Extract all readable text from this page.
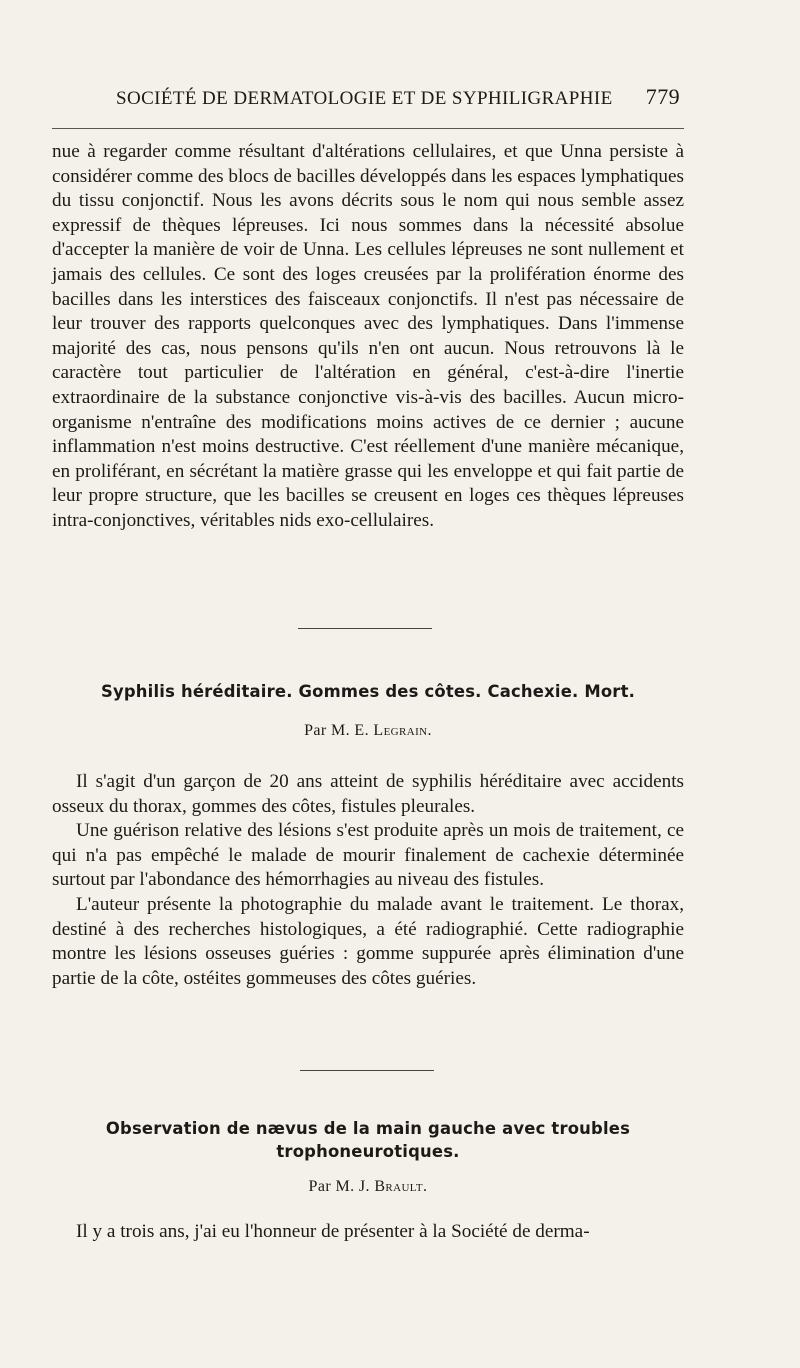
SOCIÉTÉ DE DERMATOLOGIE ET DE SYPHILIGRAPHIE 779

nue à regarder comme résultant d'altérations cellulaires, et que Unna persiste à considérer comme des blocs de bacilles développés dans les espaces lymphatiques du tissu conjonctif. Nous les avons décrits sous le nom qui nous semble assez expressif de thèques lépreuses. Ici nous sommes dans la nécessité absolue d'accepter la manière de voir de Unna. Les cellules lépreuses ne sont nullement et jamais des cellules. Ce sont des loges creusées par la prolifération énorme des bacilles dans les interstices des faisceaux conjonctifs. Il n'est pas nécessaire de leur trouver des rapports quelconques avec des lymphatiques. Dans l'immense majorité des cas, nous pensons qu'ils n'en ont aucun. Nous retrouvons là le caractère tout particulier de l'altération en général, c'est-à-dire l'inertie extraordinaire de la substance conjonctive vis-à-vis des bacilles. Aucun micro-organisme n'entraîne des modifications moins actives de ce dernier ; aucune inflammation n'est moins destructive. C'est réellement d'une manière mécanique, en proliférant, en sécrétant la matière grasse qui les enveloppe et qui fait partie de leur propre structure, que les bacilles se creusent en loges ces thèques lépreuses intra-conjonctives, véritables nids exo-cellulaires.

Syphilis héréditaire. Gommes des côtes. Cachexie. Mort.
Par M. E. Legrain.

Il s'agit d'un garçon de 20 ans atteint de syphilis héréditaire avec accidents osseux du thorax, gommes des côtes, fistules pleurales.

Une guérison relative des lésions s'est produite après un mois de traitement, ce qui n'a pas empêché le malade de mourir finalement de cachexie déterminée surtout par l'abondance des hémorrhagies au niveau des fistules.

L'auteur présente la photographie du malade avant le traitement. Le thorax, destiné à des recherches histologiques, a été radiographié. Cette radiographie montre les lésions osseuses guéries : gomme suppurée après élimination d'une partie de la côte, ostéites gommeuses des côtes guéries.

Observation de nævus de la main gauche avec troubles trophoneurotiques.
Par M. J. Brault.

Il y a trois ans, j'ai eu l'honneur de présenter à la Société de derma-
